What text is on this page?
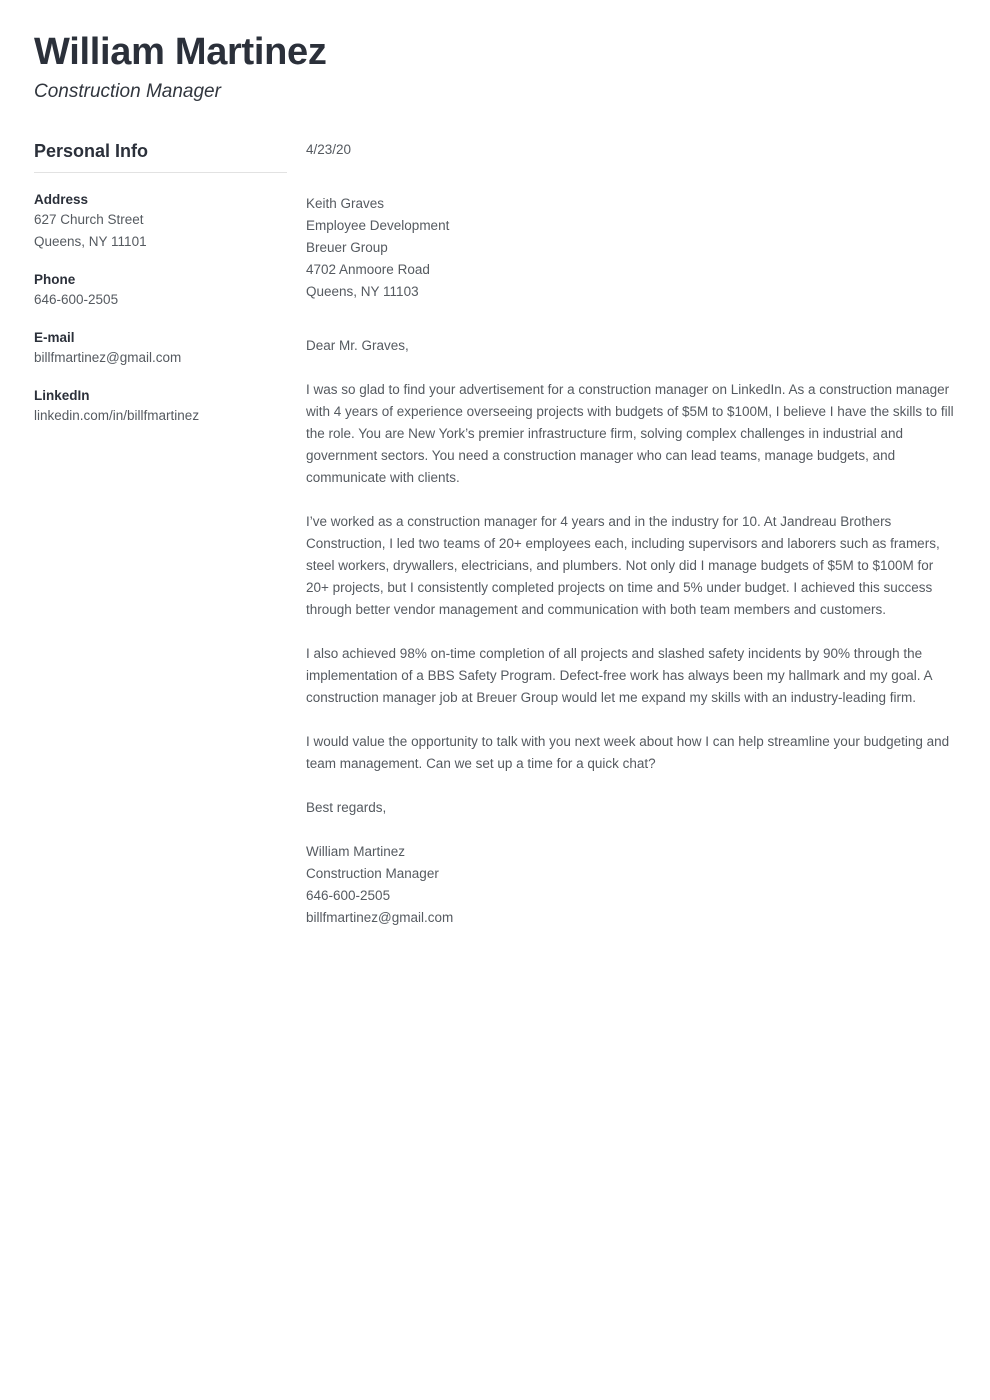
William Martinez
Construction Manager
Personal Info
Address
627 Church Street
Queens, NY 11101
Phone
646-600-2505
E-mail
billfmartinez@gmail.com
LinkedIn
linkedin.com/in/billfmartinez
4/23/20
Keith Graves
Employee Development
Breuer Group
4702 Anmoore Road
Queens, NY 11103
Dear Mr. Graves,

I was so glad to find your advertisement for a construction manager on LinkedIn. As a construction manager with 4 years of experience overseeing projects with budgets of $5M to $100M, I believe I have the skills to fill the role. You are New York’s premier infrastructure firm, solving complex challenges in industrial and government sectors. You need a construction manager who can lead teams, manage budgets, and communicate with clients.

I’ve worked as a construction manager for 4 years and in the industry for 10. At Jandreau Brothers Construction, I led two teams of 20+ employees each, including supervisors and laborers such as framers, steel workers, drywallers, electricians, and plumbers. Not only did I manage budgets of $5M to $100M for 20+ projects, but I consistently completed projects on time and 5% under budget. I achieved this success through better vendor management and communication with both team members and customers.

I also achieved 98% on-time completion of all projects and slashed safety incidents by 90% through the implementation of a BBS Safety Program. Defect-free work has always been my hallmark and my goal. A construction manager job at Breuer Group would let me expand my skills with an industry-leading firm.

I would value the opportunity to talk with you next week about how I can help streamline your budgeting and team management. Can we set up a time for a quick chat?

Best regards,
William Martinez
Construction Manager
646-600-2505
billfmartinez@gmail.com
